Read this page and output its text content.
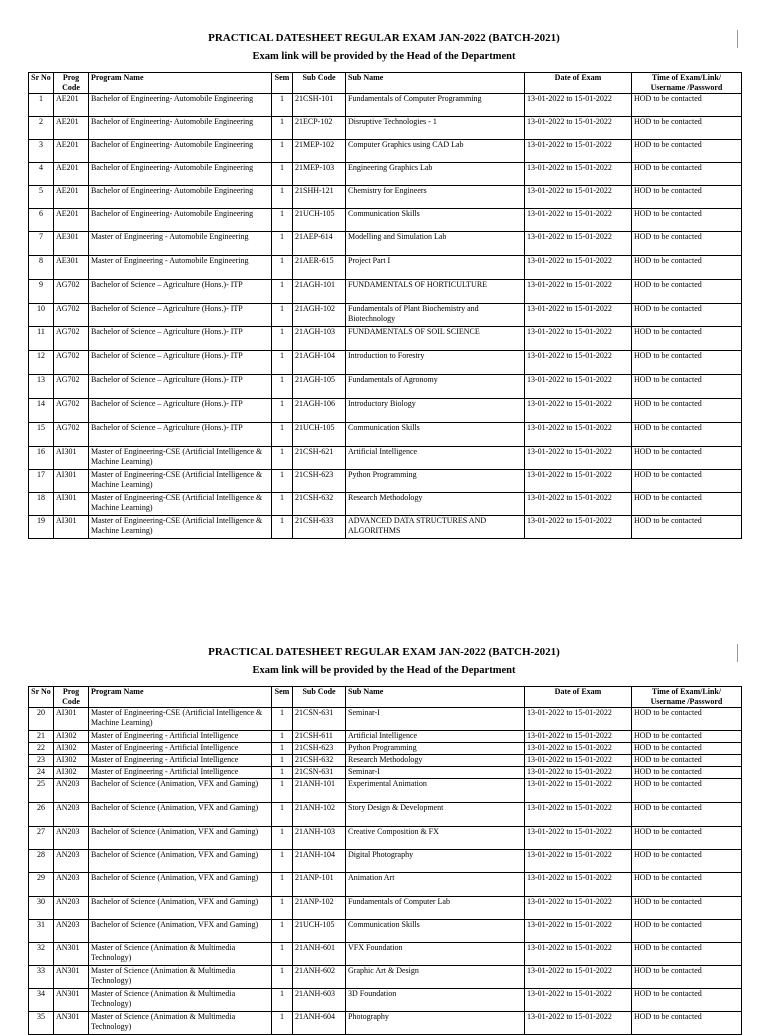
PRACTICAL DATESHEET REGULAR EXAM JAN-2022 (BATCH-2021)
Exam link will be provided by the Head of the Department
Sr No	Prog Code	Program Name	Sem	Sub Code	Sub Name	Date of Exam	Time of Exam/Link/ Username /Password
1	AE201	Bachelor of Engineering- Automobile Engineering	1	21CSH-101	Fundamentals of Computer Programming	13-01-2022 to 15-01-2022	HOD to be contacted
2	AE201	Bachelor of Engineering- Automobile Engineering	1	21ECP-102	Disruptive Technologies - 1	13-01-2022 to 15-01-2022	HOD to be contacted
3	AE201	Bachelor of Engineering- Automobile Engineering	1	21MEP-102	Computer Graphics using CAD Lab	13-01-2022 to 15-01-2022	HOD to be contacted
4	AE201	Bachelor of Engineering- Automobile Engineering	1	21MEP-103	Engineering Graphics Lab	13-01-2022 to 15-01-2022	HOD to be contacted
5	AE201	Bachelor of Engineering- Automobile Engineering	1	21SHH-121	Chemistry for Engineers	13-01-2022 to 15-01-2022	HOD to be contacted
6	AE201	Bachelor of Engineering- Automobile Engineering	1	21UCH-105	Communication Skills	13-01-2022 to 15-01-2022	HOD to be contacted
7	AE301	Master of Engineering - Automobile Engineering	1	21AEP-614	Modelling and Simulation Lab	13-01-2022 to 15-01-2022	HOD to be contacted
8	AE301	Master of Engineering - Automobile Engineering	1	21AER-615	Project Part I	13-01-2022 to 15-01-2022	HOD to be contacted
9	AG702	Bachelor of Science – Agriculture (Hons.)- ITP	1	21AGH-101	FUNDAMENTALS OF HORTICULTURE	13-01-2022 to 15-01-2022	HOD to be contacted
10	AG702	Bachelor of Science – Agriculture (Hons.)- ITP	1	21AGH-102	Fundamentals of Plant Biochemistry and Biotechnology	13-01-2022 to 15-01-2022	HOD to be contacted
11	AG702	Bachelor of Science – Agriculture (Hons.)- ITP	1	21AGH-103	FUNDAMENTALS OF SOIL SCIENCE	13-01-2022 to 15-01-2022	HOD to be contacted
12	AG702	Bachelor of Science – Agriculture (Hons.)- ITP	1	21AGH-104	Introduction to Forestry	13-01-2022 to 15-01-2022	HOD to be contacted
13	AG702	Bachelor of Science – Agriculture (Hons.)- ITP	1	21AGH-105	Fundamentals of Agronomy	13-01-2022 to 15-01-2022	HOD to be contacted
14	AG702	Bachelor of Science – Agriculture (Hons.)- ITP	1	21AGH-106	Introductory Biology	13-01-2022 to 15-01-2022	HOD to be contacted
15	AG702	Bachelor of Science – Agriculture (Hons.)- ITP	1	21UCH-105	Communication Skills	13-01-2022 to 15-01-2022	HOD to be contacted
16	AI301	Master of Engineering-CSE (Artificial Intelligence & Machine Learning)	1	21CSH-621	Artificial Intelligence	13-01-2022 to 15-01-2022	HOD to be contacted
17	AI301	Master of Engineering-CSE (Artificial Intelligence & Machine Learning)	1	21CSH-623	Python Programming	13-01-2022 to 15-01-2022	HOD to be contacted
18	AI301	Master of Engineering-CSE (Artificial Intelligence & Machine Learning)	1	21CSH-632	Research Methodology	13-01-2022 to 15-01-2022	HOD to be contacted
19	AI301	Master of Engineering-CSE (Artificial Intelligence & Machine Learning)	1	21CSH-633	ADVANCED DATA STRUCTURES AND ALGORITHMS	13-01-2022 to 15-01-2022	HOD to be contacted
PRACTICAL DATESHEET REGULAR EXAM JAN-2022 (BATCH-2021)
Exam link will be provided by the Head of the Department
Sr No	Prog Code	Program Name	Sem	Sub Code	Sub Name	Date of Exam	Time of Exam/Link/ Username /Password
20	AI301	Master of Engineering-CSE (Artificial Intelligence & Machine Learning)	1	21CSN-631	Seminar-I	13-01-2022 to 15-01-2022	HOD to be contacted
21	AI302	Master of Engineering - Artificial Intelligence	1	21CSH-611	Artificial Intelligence	13-01-2022 to 15-01-2022	HOD to be contacted
22	AI302	Master of Engineering - Artificial Intelligence	1	21CSH-623	Python Programming	13-01-2022 to 15-01-2022	HOD to be contacted
23	AI302	Master of Engineering - Artificial Intelligence	1	21CSH-632	Research Methodology	13-01-2022 to 15-01-2022	HOD to be contacted
24	AI302	Master of Engineering - Artificial Intelligence	1	21CSN-631	Seminar-I	13-01-2022 to 15-01-2022	HOD to be contacted
25	AN203	Bachelor of Science (Animation, VFX and Gaming)	1	21ANH-101	Experimental Animation	13-01-2022 to 15-01-2022	HOD to be contacted
26	AN203	Bachelor of Science (Animation, VFX and Gaming)	1	21ANH-102	Story Design & Development	13-01-2022 to 15-01-2022	HOD to be contacted
27	AN203	Bachelor of Science (Animation, VFX and Gaming)	1	21ANH-103	Creative Composition & FX	13-01-2022 to 15-01-2022	HOD to be contacted
28	AN203	Bachelor of Science (Animation, VFX and Gaming)	1	21ANH-104	Digital Photography	13-01-2022 to 15-01-2022	HOD to be contacted
29	AN203	Bachelor of Science (Animation, VFX and Gaming)	1	21ANP-101	Animation Art	13-01-2022 to 15-01-2022	HOD to be contacted
30	AN203	Bachelor of Science (Animation, VFX and Gaming)	1	21ANP-102	Fundamentals of Computer Lab	13-01-2022 to 15-01-2022	HOD to be contacted
31	AN203	Bachelor of Science (Animation, VFX and Gaming)	1	21UCH-105	Communication Skills	13-01-2022 to 15-01-2022	HOD to be contacted
32	AN301	Master of Science (Animation & Multimedia Technology)	1	21ANH-601	VFX Foundation	13-01-2022 to 15-01-2022	HOD to be contacted
33	AN301	Master of Science (Animation & Multimedia Technology)	1	21ANH-602	Graphic Art & Design	13-01-2022 to 15-01-2022	HOD to be contacted
34	AN301	Master of Science (Animation & Multimedia Technology)	1	21ANH-603	3D Foundation	13-01-2022 to 15-01-2022	HOD to be contacted
35	AN301	Master of Science (Animation & Multimedia Technology)	1	21ANH-604	Photography	13-01-2022 to 15-01-2022	HOD to be contacted
